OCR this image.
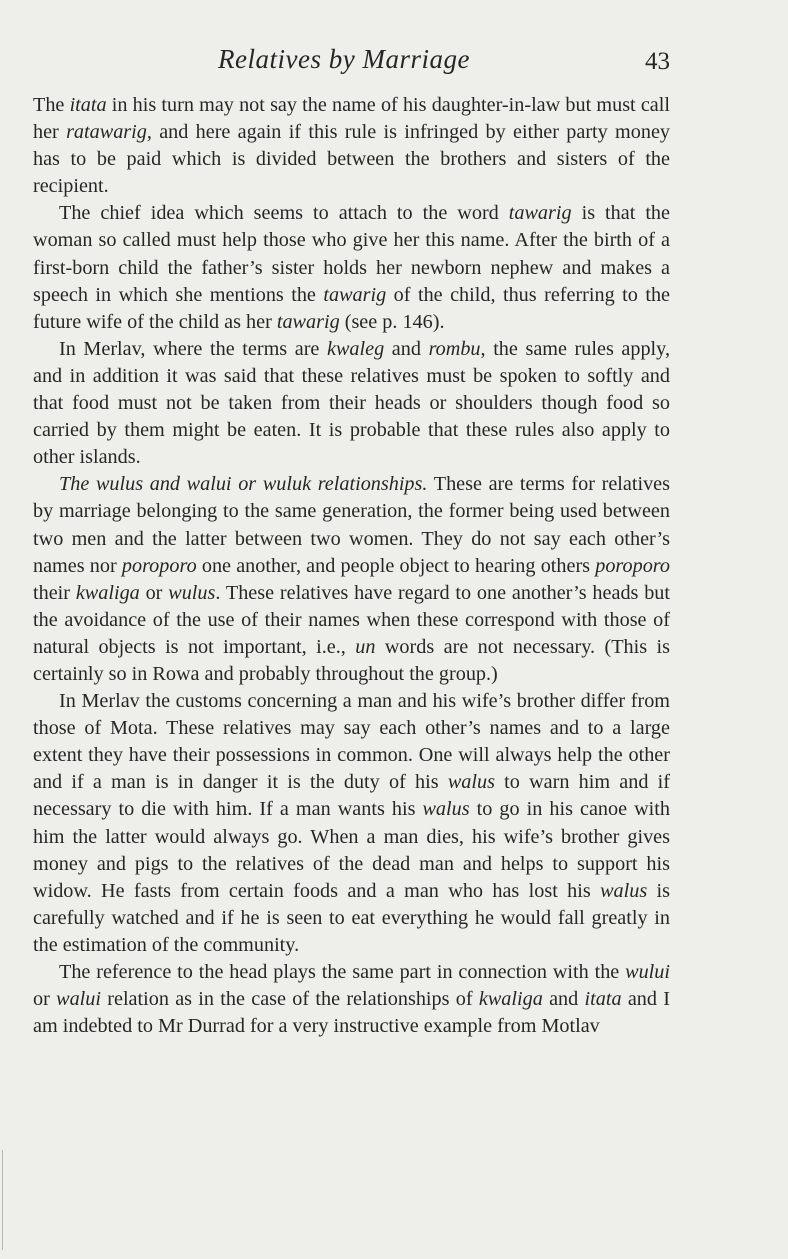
Relatives by Marriage	43

The itata in his turn may not say the name of his daughter-in-law but must call her ratawarig, and here again if this rule is infringed by either party money has to be paid which is divided between the brothers and sisters of the recipient.

The chief idea which seems to attach to the word tawarig is that the woman so called must help those who give her this name. After the birth of a first-born child the father’s sister holds her newborn nephew and makes a speech in which she mentions the tawarig of the child, thus referring to the future wife of the child as her tawarig (see p. 146).

In Merlav, where the terms are kwaleg and rombu, the same rules apply, and in addition it was said that these relatives must be spoken to softly and that food must not be taken from their heads or shoulders though food so carried by them might be eaten. It is probable that these rules also apply to other islands.

The wulus and walui or wuluk relationships. These are terms for relatives by marriage belonging to the same generation, the former being used between two men and the latter between two women. They do not say each other’s names nor poroporo one another, and people object to hearing others poroporo their kwaliga or wulus. These relatives have regard to one another’s heads but the avoidance of the use of their names when these correspond with those of natural objects is not important, i.e., un words are not necessary. (This is certainly so in Rowa and probably throughout the group.)

In Merlav the customs concerning a man and his wife’s brother differ from those of Mota. These relatives may say each other’s names and to a large extent they have their possessions in common. One will always help the other and if a man is in danger it is the duty of his walus to warn him and if necessary to die with him. If a man wants his walus to go in his canoe with him the latter would always go. When a man dies, his wife’s brother gives money and pigs to the relatives of the dead man and helps to support his widow. He fasts from certain foods and a man who has lost his walus is carefully watched and if he is seen to eat everything he would fall greatly in the estimation of the community.

The reference to the head plays the same part in connection with the wului or walui relation as in the case of the relationships of kwaliga and itata and I am indebted to Mr Durrad for a very instructive example from Motlav
